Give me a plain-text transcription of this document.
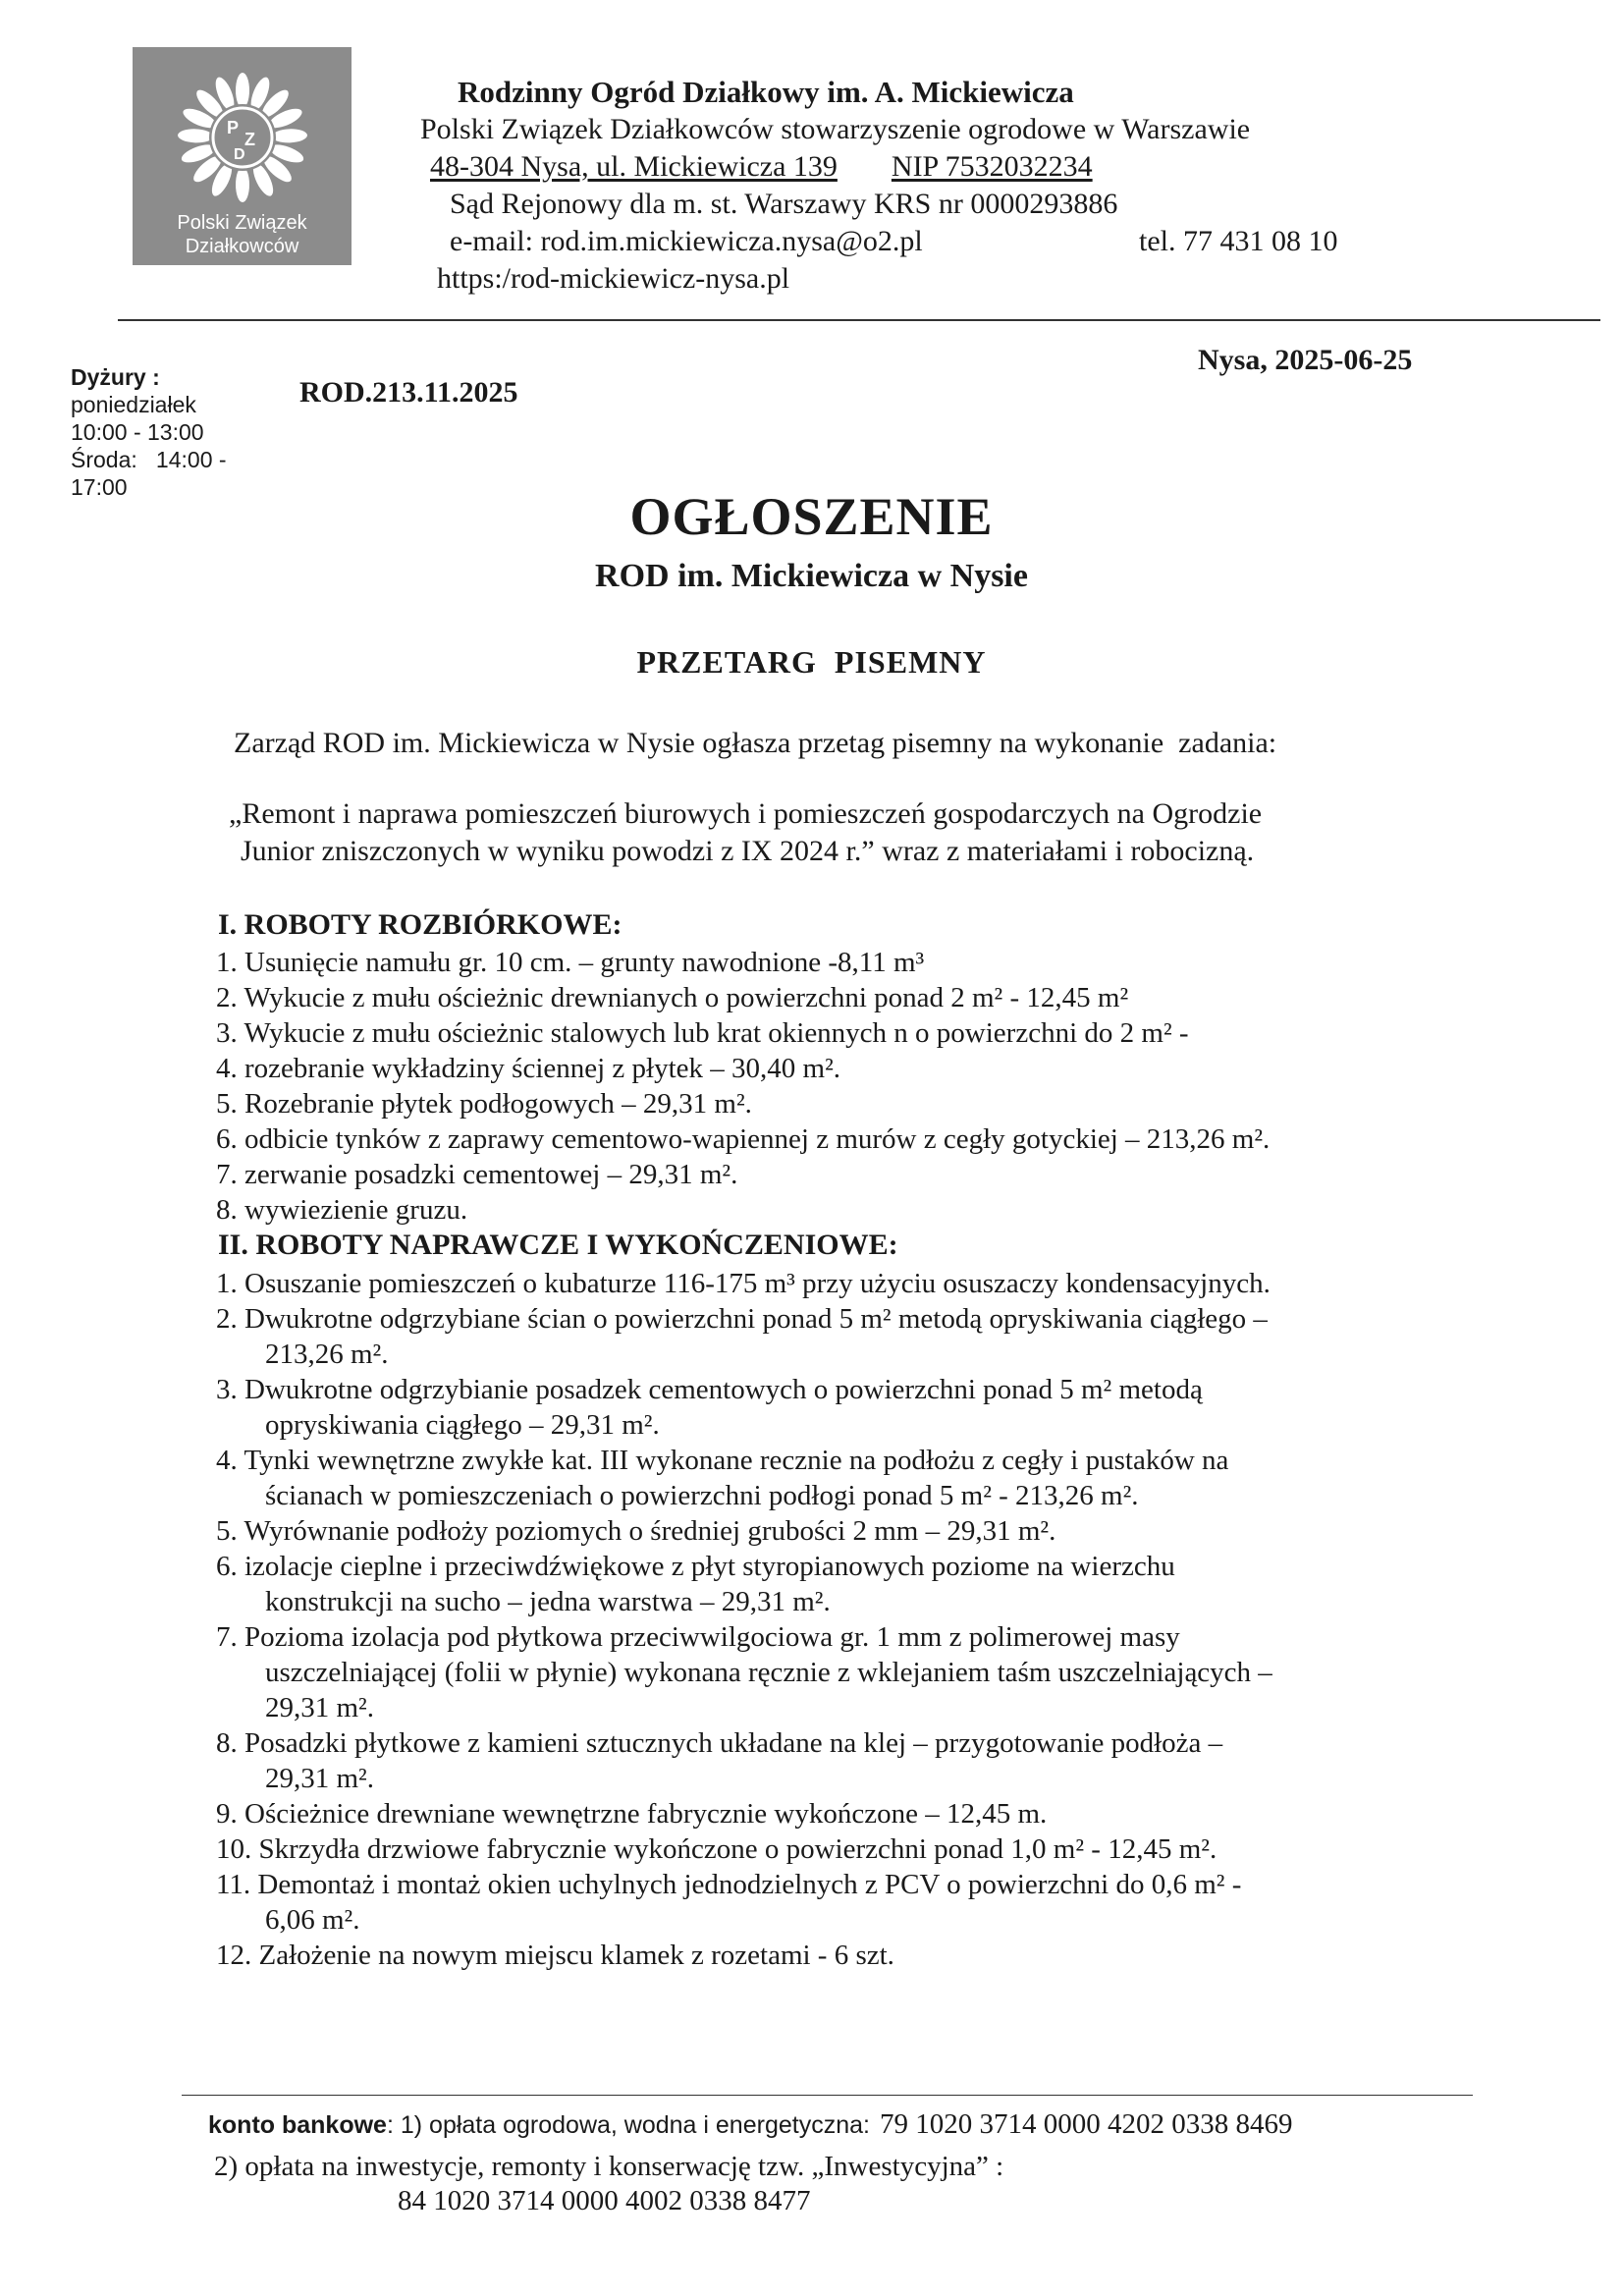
P
Z
D
Polski Związek
Działkowców
Rodzinny Ogród Działkowy im. A. Mickiewicza
Polski Związek Działkowców stowarzyszenie ogrodowe w Warszawie
48-304 Nysa, ul. Mickiewicza 139 NIP 7532032234
Sąd Rejonowy dla m. st. Warszawy KRS nr 0000293886
e-mail: rod.im.mickiewicza.nysa@o2.pl	tel. 77 431 08 10
https:/rod-mickiewicz-nysa.pl
Dyżury :
poniedziałek
10:00 - 13:00
Środa:   14:00 -
17:00
ROD.213.11.2025
Nysa, 2025-06-25
OGŁOSZENIE
ROD im. Mickiewicza w Nysie
PRZETARG  PISEMNY
Zarząd ROD im. Mickiewicza w Nysie ogłasza przetag pisemny na wykonanie  zadania:
„Remont i naprawa pomieszczeń biurowych i pomieszczeń gospodarczych na Ogrodzie
Junior zniszczonych w wyniku powodzi z IX 2024 r.” wraz z materiałami i robocizną.
I. ROBOTY ROZBIÓRKOWE:
1. Usunięcie namułu gr. 10 cm. – grunty nawodnione -8,11 m³
2. Wykucie z mułu ościeżnic drewnianych o powierzchni ponad 2 m² - 12,45 m²
3. Wykucie z mułu ościeżnic stalowych lub krat okiennych n o powierzchni do 2 m² -
4. rozebranie wykładziny ściennej z płytek – 30,40 m².
5. Rozebranie płytek podłogowych – 29,31 m².
6. odbicie tynków z zaprawy cementowo-wapiennej z murów z cegły gotyckiej – 213,26 m².
7. zerwanie posadzki cementowej – 29,31 m².
8. wywiezienie gruzu.
II. ROBOTY NAPRAWCZE I WYKOŃCZENIOWE:
1. Osuszanie pomieszczeń o kubaturze 116-175 m³ przy użyciu osuszaczy kondensacyjnych.
2. Dwukrotne odgrzybiane ścian o powierzchni ponad 5 m² metodą opryskiwania ciągłego –
213,26 m².
3. Dwukrotne odgrzybianie posadzek cementowych o powierzchni ponad 5 m² metodą
opryskiwania ciągłego – 29,31 m².
4. Tynki wewnętrzne zwykłe kat. III wykonane recznie na podłożu z cegły i pustaków na
ścianach w pomieszczeniach o powierzchni podłogi ponad 5 m² - 213,26 m².
5. Wyrównanie podłoży poziomych o średniej grubości 2 mm – 29,31 m².
6. izolacje cieplne i przeciwdźwiękowe z płyt styropianowych poziome na wierzchu
konstrukcji na sucho – jedna warstwa – 29,31 m².
7. Pozioma izolacja pod płytkowa przeciwwilgociowa gr. 1 mm z polimerowej masy
uszczelniającej (folii w płynie) wykonana ręcznie z wklejaniem taśm uszczelniających –
29,31 m².
8. Posadzki płytkowe z kamieni sztucznych układane na klej – przygotowanie podłoża –
29,31 m².
9. Ościeżnice drewniane wewnętrzne fabrycznie wykończone – 12,45 m.
10. Skrzydła drzwiowe fabrycznie wykończone o powierzchni ponad 1,0 m² - 12,45 m².
11. Demontaż i montaż okien uchylnych jednodzielnych z PCV o powierzchni do 0,6 m² -
6,06 m².
12. Założenie na nowym miejscu klamek z rozetami - 6 szt.
konto bankowe: 1) opłata ogrodowa, wodna i energetyczna: 79 1020 3714 0000 4202 0338 8469
2) opłata na inwestycje, remonty i konserwację tzw. „Inwestycyjna” :
84 1020 3714 0000 4002 0338 8477
